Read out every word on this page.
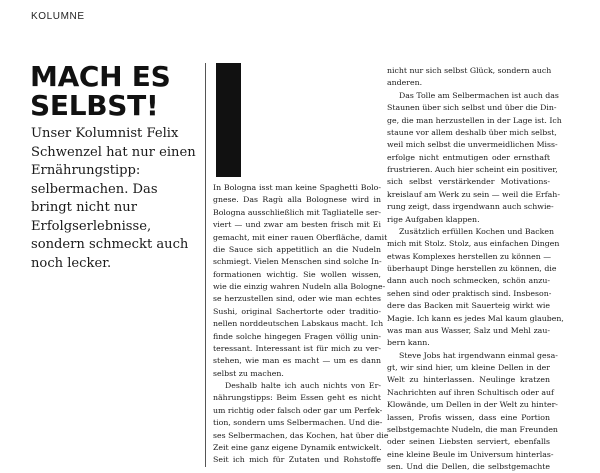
KOLUMNE
MACH ES SELBST!

Unser Kolumnist Felix Schwenzel hat nur einen Ernährungstipp: selbermachen. Das bringt nicht nur Erfolgserlebnisse, sondern schmeckt auch noch lecker.

In Bologna isst man keine Spaghetti Bolo-
gnese. Das Ragù alla Bolognese wird in
Bologna ausschließlich mit Tagliatelle ser-
viert — und zwar am besten frisch mit Ei
gemacht, mit einer rauen Oberfläche, damit
die Sauce sich appetitlich an die Nudeln
schmiegt. Vielen Menschen sind solche In-
formationen wichtig. Sie wollen wissen,
wie die einzig wahren Nudeln alla Bologne-
se herzustellen sind, oder wie man echtes
Sushi, original Sachertorte oder traditio-
nellen norddeutschen Labskaus macht. Ich
finde solche hingegen Fragen völlig unin-
teressant. Interessant ist für mich zu ver-
stehen, wie man es macht — um es dann
selbst zu machen.
Deshalb halte ich auch nichts von Er-
nährungstipps: Beim Essen geht es nicht
um richtig oder falsch oder gar um Perfek-
tion, sondern ums Selbermachen. Und die-
ses Selbermachen, das Kochen, hat über die
Zeit eine ganz eigene Dynamik entwickelt.
Seit ich mich für Zutaten und Rohstoffe
nicht nur sich selbst Glück, sondern auch
anderen.
Das Tolle am Selbermachen ist auch das
Staunen über sich selbst und über die Din-
ge, die man herzustellen in der Lage ist. Ich
staune vor allem deshalb über mich selbst,
weil mich selbst die unvermeidlichen Miss-
erfolge nicht entmutigen oder ernsthaft
frustrieren. Auch hier scheint ein positiver,
sich selbst verstärkender Motivations-
kreislauf am Werk zu sein — weil die Erfah-
rung zeigt, dass irgendwann auch schwie-
rige Aufgaben klappen.
Zusätzlich erfüllen Kochen und Backen
mich mit Stolz. Stolz, aus einfachen Dingen
etwas Komplexes herstellen zu können —
überhaupt Dinge herstellen zu können, die
dann auch noch schmecken, schön anzu-
sehen sind oder praktisch sind. Insbeson-
dere das Backen mit Sauerteig wirkt wie
Magie. Ich kann es jedes Mal kaum glauben,
was man aus Wasser, Salz und Mehl zau-
bern kann.
Steve Jobs hat irgendwann einmal gesa-
gt, wir sind hier, um kleine Dellen in der
Welt zu hinterlassen. Neulinge kratzen
Nachrichten auf ihren Schultisch oder auf
Klowände, um Dellen in der Welt zu hinter-
lassen, Profis wissen, dass eine Portion
selbstgemachte Nudeln, die man Freunden
oder seinen Liebsten serviert, ebenfalls
eine kleine Beule im Universum hinterlas-
sen. Und die Dellen, die selbstgemachte
